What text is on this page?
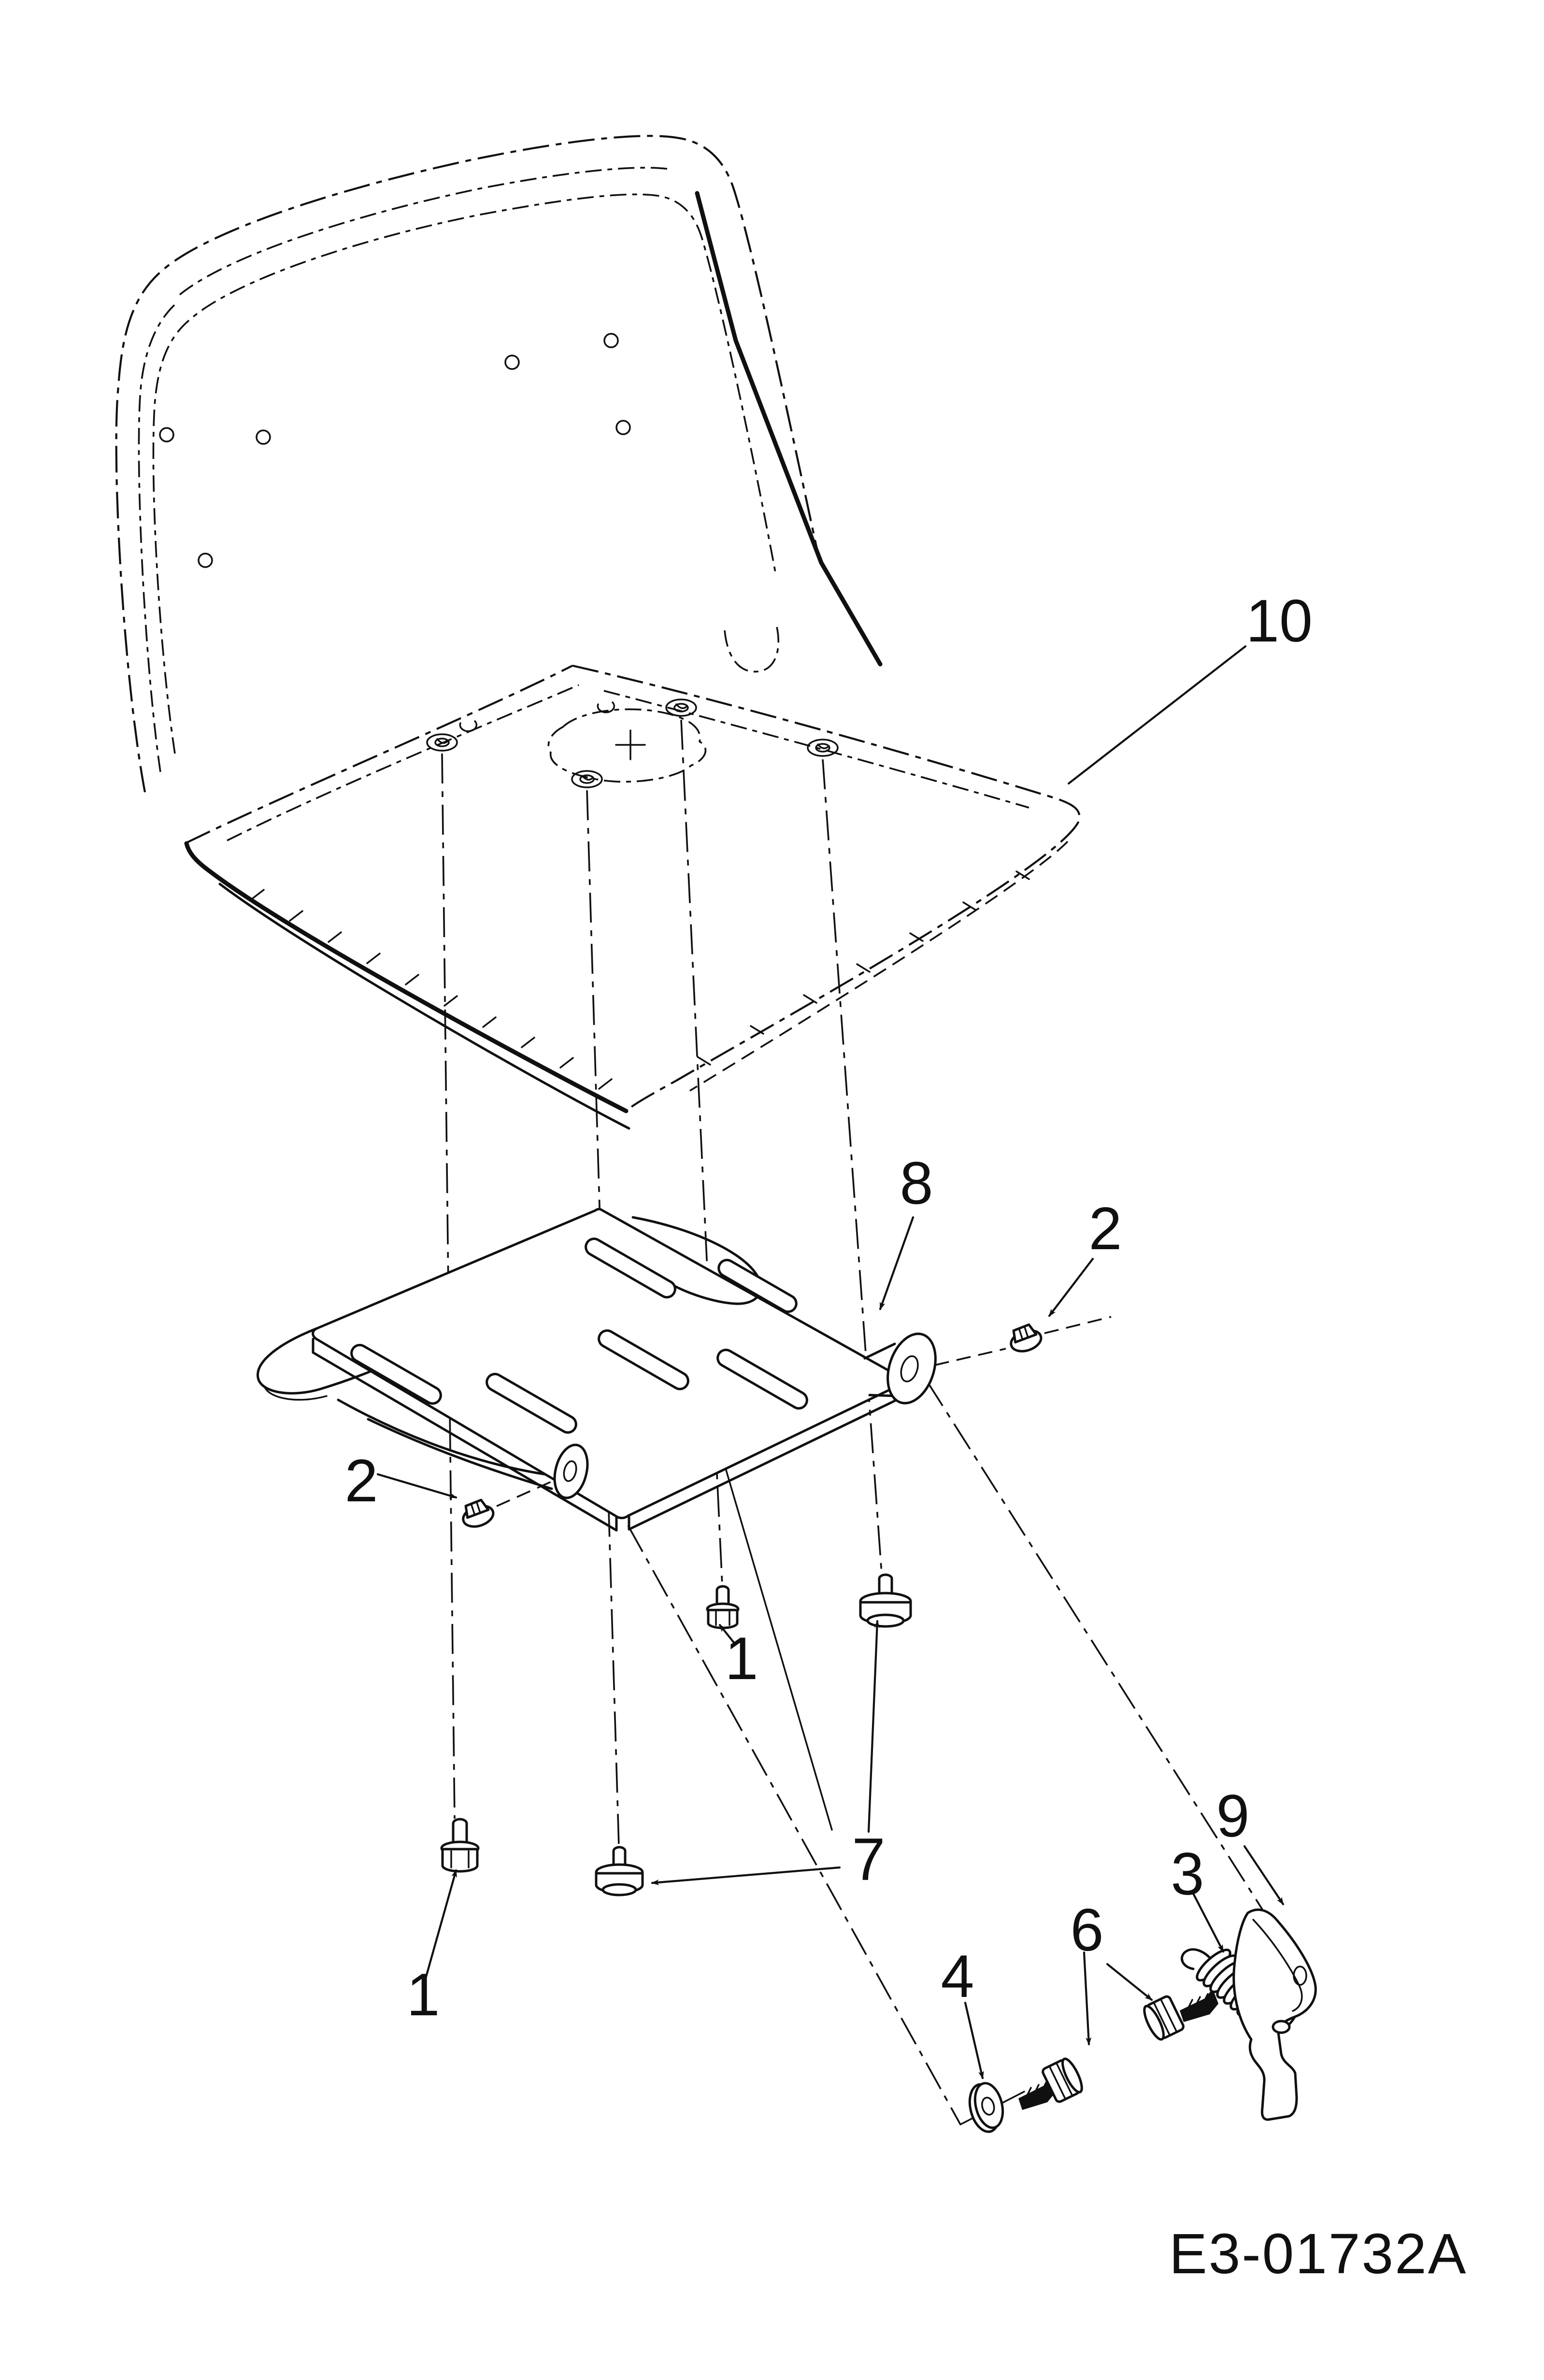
10
8
2
2
1
1
7
4
6
3
9
E3-01732A
